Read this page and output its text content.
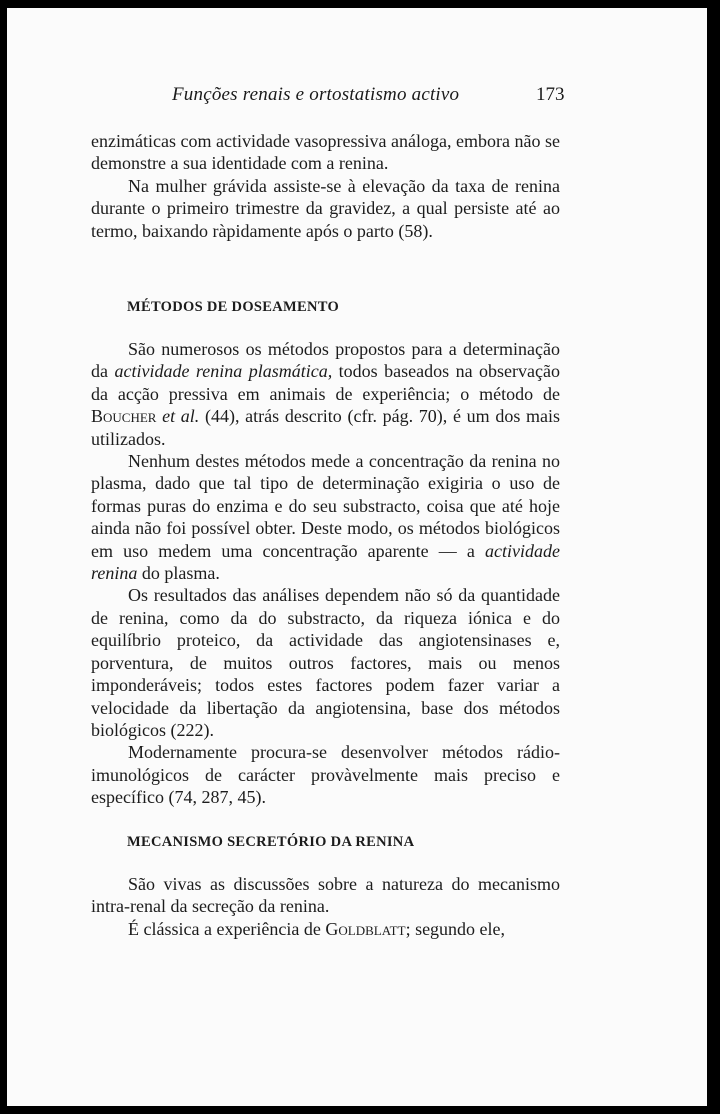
Funções renais e ortostatismo activo	173

enzimáticas com actividade vasopressiva análoga, embora não se demonstre a sua identidade com a renina.

Na mulher grávida assiste-se à elevação da taxa de renina durante o primeiro trimestre da gravidez, a qual persiste até ao termo, baixando ràpidamente após o parto (58).

MÉTODOS DE DOSEAMENTO

São numerosos os métodos propostos para a determinação da actividade renina plasmática, todos baseados na observação da acção pressiva em animais de experiência; o método de Boucher et al. (44), atrás descrito (cfr. pág. 70), é um dos mais utilizados.

Nenhum destes métodos mede a concentração da renina no plasma, dado que tal tipo de determinação exigiria o uso de formas puras do enzima e do seu substracto, coisa que até hoje ainda não foi possível obter. Deste modo, os métodos biológicos em uso medem uma concentração aparente — a actividade renina do plasma.

Os resultados das análises dependem não só da quantidade de renina, como da do substracto, da riqueza iónica e do equilíbrio proteico, da actividade das angiotensinases e, porventura, de muitos outros factores, mais ou menos imponderáveis; todos estes factores podem fazer variar a velocidade da libertação da angiotensina, base dos métodos biológicos (222).

Modernamente procura-se desenvolver métodos rádio-imunológicos de carácter provàvelmente mais preciso e específico (74, 287, 45).

MECANISMO SECRETÓRIO DA RENINA

São vivas as discussões sobre a natureza do mecanismo intra-renal da secreção da renina.

É clássica a experiência de Goldblatt; segundo ele,
